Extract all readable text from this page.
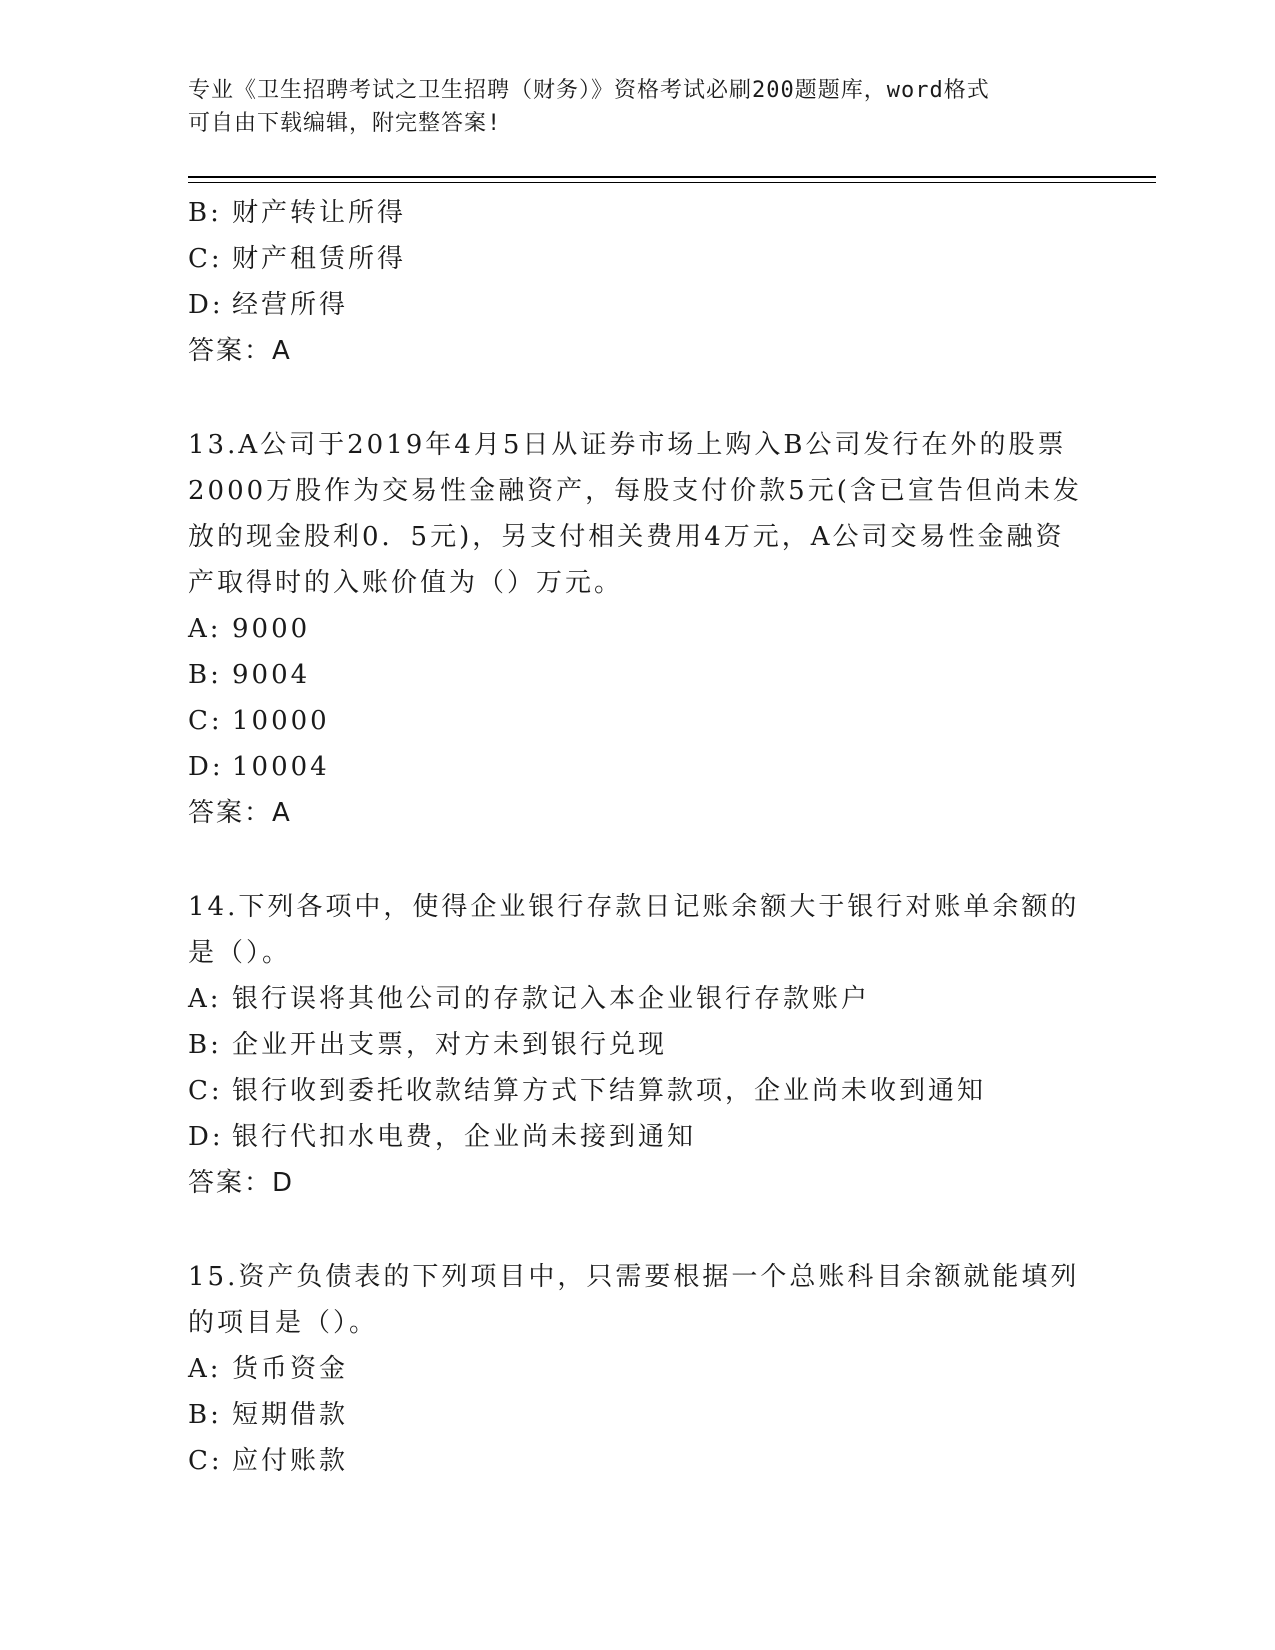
专业《卫生招聘考试之卫生招聘（财务）》资格考试必刷200题题库，word格式
可自由下载编辑，附完整答案!
B: 财产转让所得
C: 财产租赁所得
D: 经营所得
答案：A
13.A公司于2019年4月5日从证券市场上购入B公司发行在外的股票
2000万股作为交易性金融资产，每股支付价款5元(含已宣告但尚未发
放的现金股利0．5元)，另支付相关费用4万元，A公司交易性金融资
产取得时的入账价值为（）万元。
A: 9000
B: 9004
C: 10000
D: 10004
答案：A
14.下列各项中，使得企业银行存款日记账余额大于银行对账单余额的
是（）。
A: 银行误将其他公司的存款记入本企业银行存款账户
B: 企业开出支票，对方未到银行兑现
C: 银行收到委托收款结算方式下结算款项，企业尚未收到通知
D: 银行代扣水电费，企业尚未接到通知
答案：D
15.资产负债表的下列项目中，只需要根据一个总账科目余额就能填列
的项目是（）。
A: 货币资金
B: 短期借款
C: 应付账款
